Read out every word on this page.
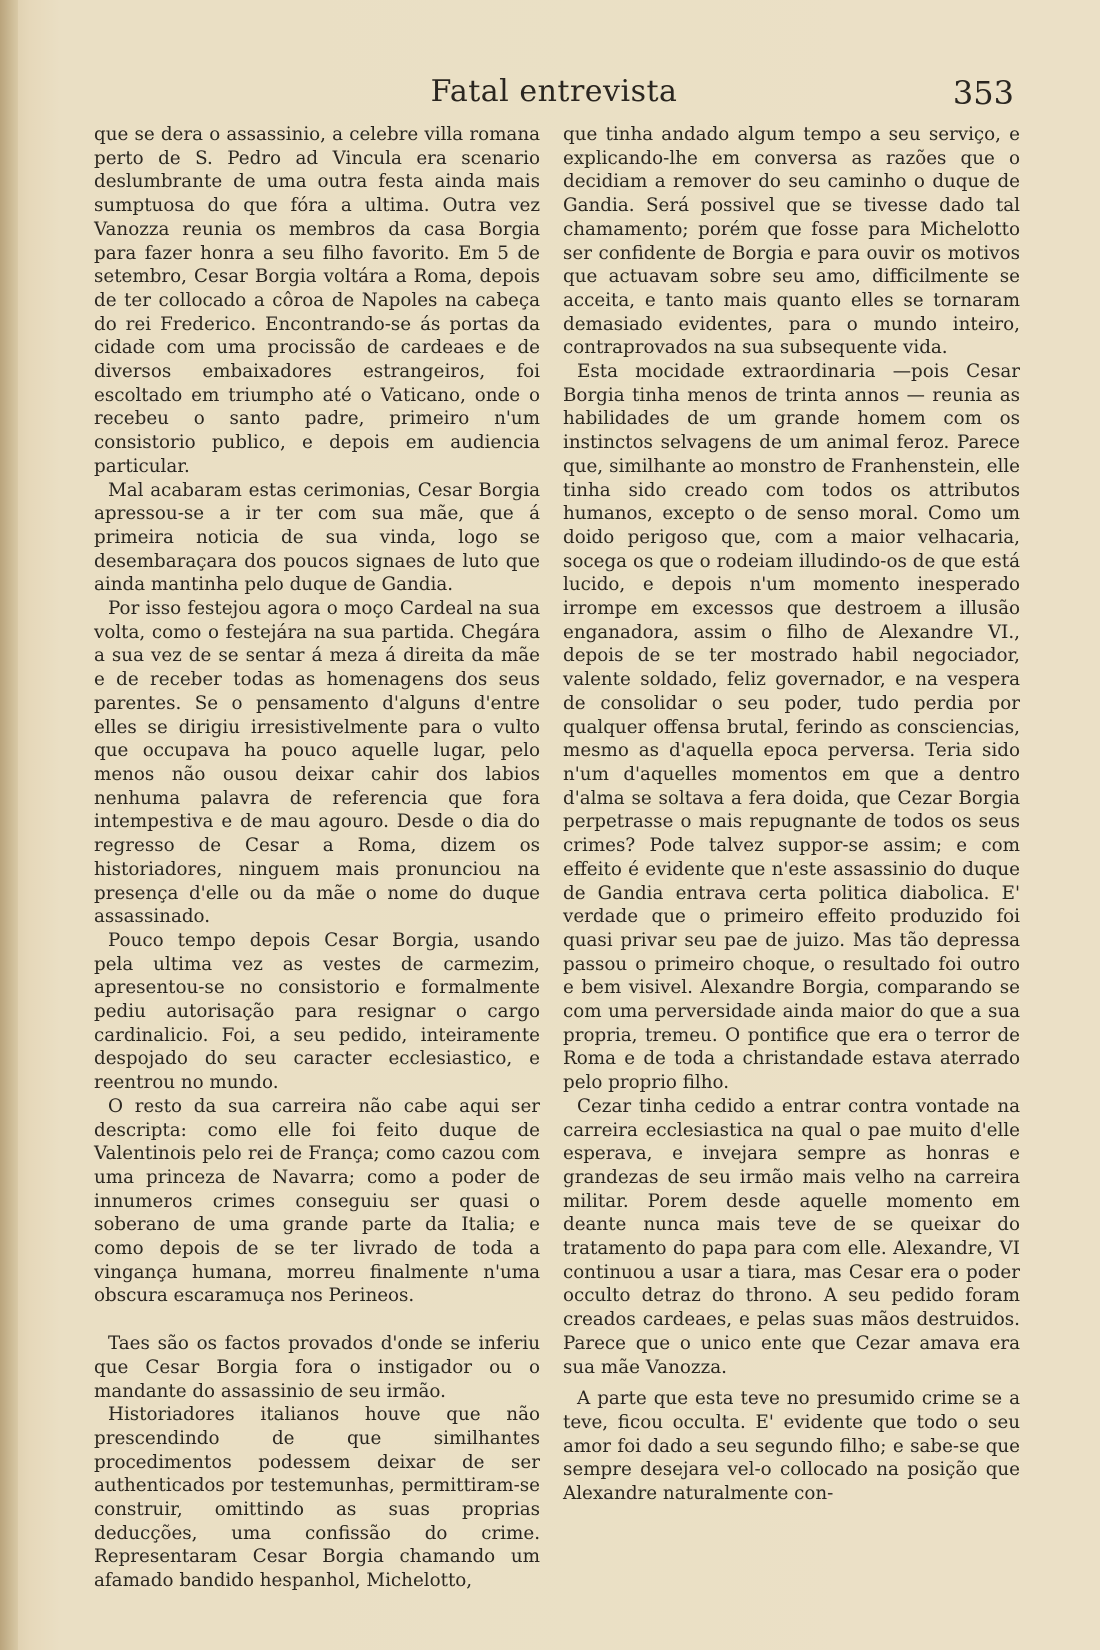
Fatal entrevista	353

que se dera o assassinio, a celebre villa romana perto de S. Pedro ad Vincula era scenario deslumbrante de uma outra festa ainda mais sumptuosa do que fóra a ultima. Outra vez Vanozza reunia os membros da casa Borgia para fazer honra a seu filho favorito. Em 5 de setembro, Cesar Borgia voltára a Roma, depois de ter collocado a côroa de Napoles na cabeça do rei Frederico. Encontrando-se ás portas da cidade com uma procissão de cardeaes e de diversos embaixadores estrangeiros, foi escoltado em triumpho até o Vaticano, onde o recebeu o santo padre, primeiro n'um consistorio publico, e depois em audiencia particular.

Mal acabaram estas cerimonias, Cesar Borgia apressou-se a ir ter com sua mãe, que á primeira noticia de sua vinda, logo se desembaraçara dos poucos signaes de luto que ainda mantinha pelo duque de Gandia.

Por isso festejou agora o moço Cardeal na sua volta, como o festejára na sua partida. Chegára a sua vez de se sentar á meza á direita da mãe e de receber todas as homenagens dos seus parentes. Se o pensamento d'alguns d'entre elles se dirigiu irresistivelmente para o vulto que occupava ha pouco aquelle lugar, pelo menos não ousou deixar cahir dos labios nenhuma palavra de referencia que fora intempestiva e de mau agouro. Desde o dia do regresso de Cesar a Roma, dizem os historiadores, ninguem mais pronunciou na presença d'elle ou da mãe o nome do duque assassinado.

Pouco tempo depois Cesar Borgia, usando pela ultima vez as vestes de carmezim, apresentou-se no consistorio e formalmente pediu autorisação para resignar o cargo cardinalicio. Foi, a seu pedido, inteiramente despojado do seu caracter ecclesiastico, e reentrou no mundo.

O resto da sua carreira não cabe aqui ser descripta: como elle foi feito duque de Valentinois pelo rei de França; como cazou com uma princeza de Navarra; como a poder de innumeros crimes conseguiu ser quasi o soberano de uma grande parte da Italia; e como depois de se ter livrado de toda a vingança humana, morreu finalmente n'uma obscura escaramuça nos Perineos.

Taes são os factos provados d'onde se inferiu que Cesar Borgia fora o instigador ou o mandante do assassinio de seu irmão.

Historiadores italianos houve que não prescendindo de que similhantes procedimentos podessem deixar de ser authenticados por testemunhas, permittiram-se construir, omittindo as suas proprias deducções, uma confissão do crime. Representaram Cesar Borgia chamando um afamado bandido hespanhol, Michelotto,

que tinha andado algum tempo a seu serviço, e explicando-lhe em conversa as razões que o decidiam a remover do seu caminho o duque de Gandia. Será possivel que se tivesse dado tal chamamento; porém que fosse para Michelotto ser confidente de Borgia e para ouvir os motivos que actuavam sobre seu amo, difficilmente se acceita, e tanto mais quanto elles se tornaram demasiado evidentes, para o mundo inteiro, contraprovados na sua subsequente vida.

Esta mocidade extraordinaria —pois Cesar Borgia tinha menos de trinta annos — reunia as habilidades de um grande homem com os instinctos selvagens de um animal feroz. Parece que, similhante ao monstro de Franhenstein, elle tinha sido creado com todos os attributos humanos, excepto o de senso moral. Como um doido perigoso que, com a maior velhacaria, socega os que o rodeiam illudindo-os de que está lucido, e depois n'um momento inesperado irrompe em excessos que destroem a illusão enganadora, assim o filho de Alexandre VI., depois de se ter mostrado habil negociador, valente soldado, feliz governador, e na vespera de consolidar o seu poder, tudo perdia por qualquer offensa brutal, ferindo as consciencias, mesmo as d'aquella epoca perversa. Teria sido n'um d'aquelles momentos em que a dentro d'alma se soltava a fera doida, que Cezar Borgia perpetrasse o mais repugnante de todos os seus crimes? Pode talvez suppor-se assim; e com effeito é evidente que n'este assassinio do duque de Gandia entrava certa politica diabolica. E' verdade que o primeiro effeito produzido foi quasi privar seu pae de juizo. Mas tão depressa passou o primeiro choque, o resultado foi outro e bem visivel. Alexandre Borgia, comparando se com uma perversidade ainda maior do que a sua propria, tremeu. O pontifice que era o terror de Roma e de toda a christandade estava aterrado pelo proprio filho.

Cezar tinha cedido a entrar contra vontade na carreira ecclesiastica na qual o pae muito d'elle esperava, e invejara sempre as honras e grandezas de seu irmão mais velho na carreira militar. Porem desde aquelle momento em deante nunca mais teve de se queixar do tratamento do papa para com elle. Alexandre, VI continuou a usar a tiara, mas Cesar era o poder occulto detraz do throno. A seu pedido foram creados cardeaes, e pelas suas mãos destruidos. Parece que o unico ente que Cezar amava era sua mãe Vanozza.

A parte que esta teve no presumido crime se a teve, ficou occulta. E' evidente que todo o seu amor foi dado a seu segundo filho; e sabe-se que sempre desejara vel-o collocado na posição que Alexandre naturalmente con-
